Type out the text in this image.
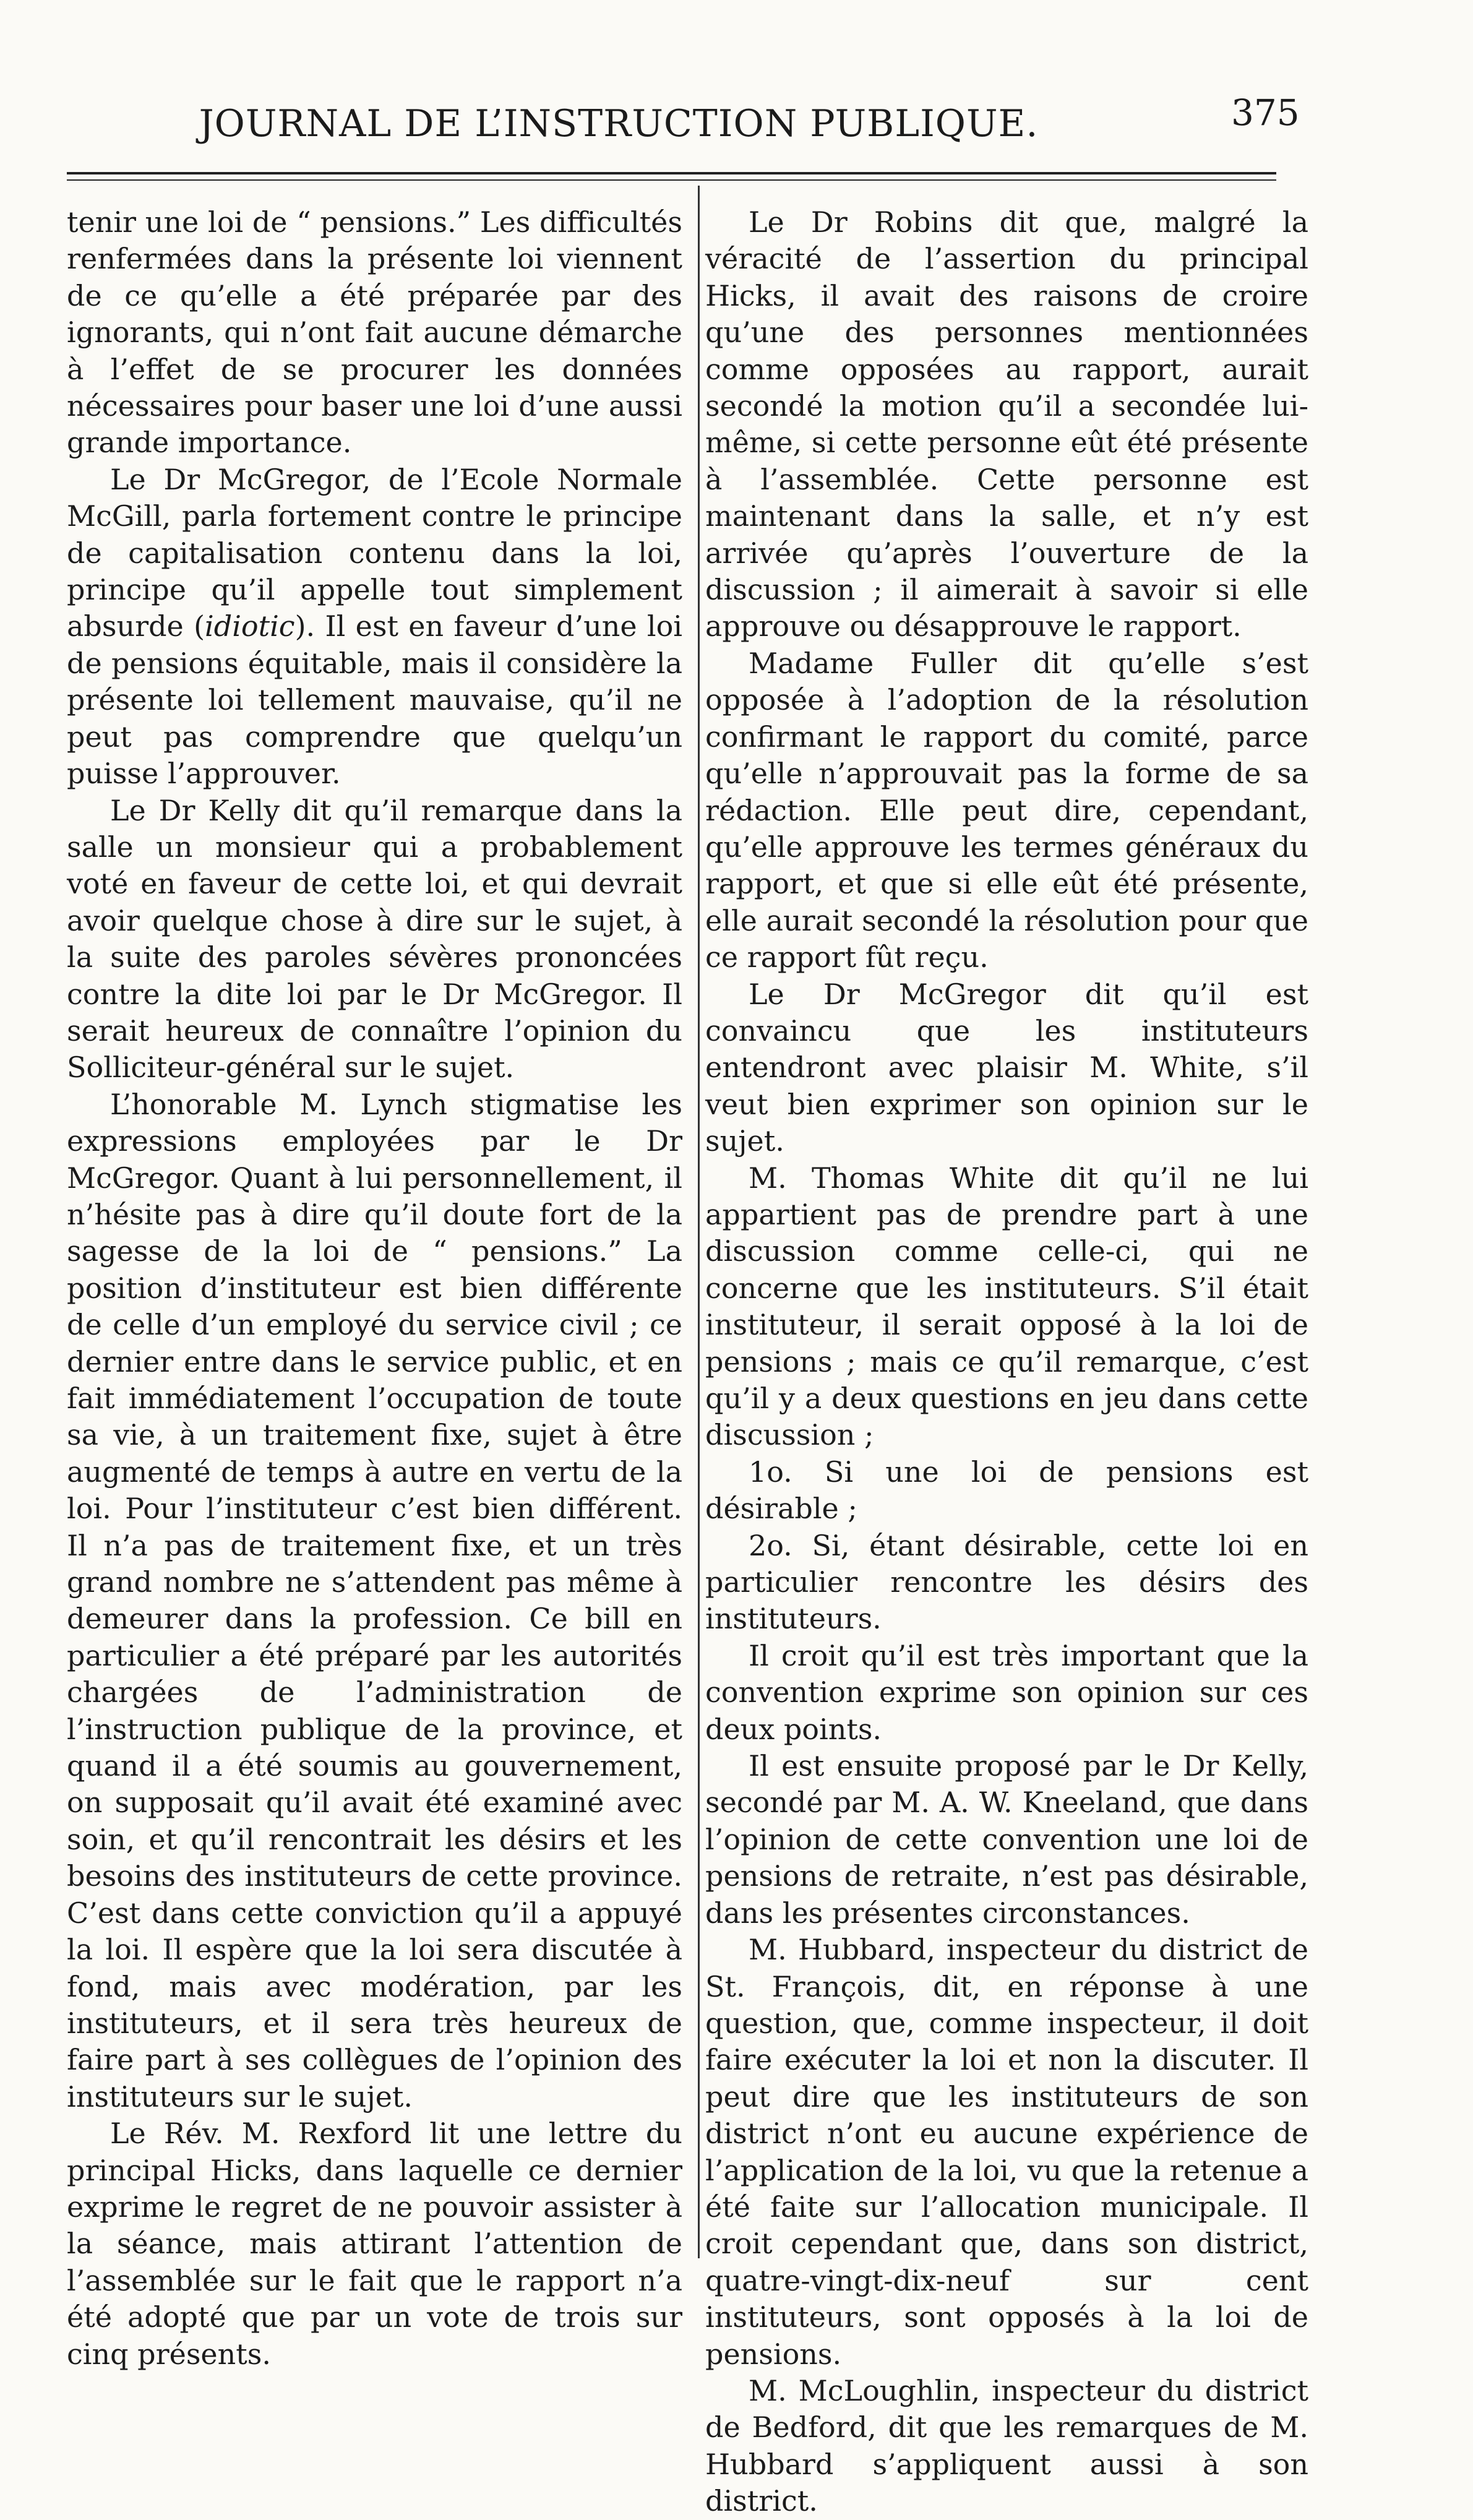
JOURNAL DE L’INSTRUCTION PUBLIQUE.	375

tenir une loi de “ pensions.” Les difficultés renfermées dans la présente loi viennent de ce qu’elle a été préparée par des ignorants, qui n’ont fait aucune démarche à l’effet de se procurer les données nécessaires pour baser une loi d’une aussi grande importance.

Le Dr McGregor, de l’Ecole Normale McGill, parla fortement contre le principe de capitalisation contenu dans la loi, principe qu’il appelle tout simplement absurde (idiotic). Il est en faveur d’une loi de pensions équitable, mais il considère la présente loi tellement mauvaise, qu’il ne peut pas comprendre que quelqu’un puisse l’approuver.

Le Dr Kelly dit qu’il remarque dans la salle un monsieur qui a probablement voté en faveur de cette loi, et qui devrait avoir quelque chose à dire sur le sujet, à la suite des paroles sévères prononcées contre la dite loi par le Dr McGregor. Il serait heureux de connaître l’opinion du Solliciteur-général sur le sujet.

L’honorable M. Lynch stigmatise les expressions employées par le Dr McGregor. Quant à lui personnellement, il n’hésite pas à dire qu’il doute fort de la sagesse de la loi de “ pensions.” La position d’instituteur est bien différente de celle d’un employé du service civil ; ce dernier entre dans le service public, et en fait immédiatement l’occupation de toute sa vie, à un traitement fixe, sujet à être augmenté de temps à autre en vertu de la loi. Pour l’instituteur c’est bien différent. Il n’a pas de traitement fixe, et un très grand nombre ne s’attendent pas même à demeurer dans la profession. Ce bill en particulier a été préparé par les autorités chargées de l’administration de l’instruction publique de la province, et quand il a été soumis au gouvernement, on supposait qu’il avait été examiné avec soin, et qu’il rencontrait les désirs et les besoins des instituteurs de cette province. C’est dans cette conviction qu’il a appuyé la loi. Il espère que la loi sera discutée à fond, mais avec modération, par les instituteurs, et il sera très heureux de faire part à ses collègues de l’opinion des instituteurs sur le sujet.

Le Rév. M. Rexford lit une lettre du principal Hicks, dans laquelle ce dernier exprime le regret de ne pouvoir assister à la séance, mais attirant l’attention de l’assemblée sur le fait que le rapport n’a été adopté que par un vote de trois sur cinq présents.

Le Dr Robins dit que, malgré la véracité de l’assertion du principal Hicks, il avait des raisons de croire qu’une des personnes mentionnées comme opposées au rapport, aurait secondé la motion qu’il a secondée lui-même, si cette personne eût été présente à l’assemblée. Cette personne est maintenant dans la salle, et n’y est arrivée qu’après l’ouverture de la discussion ; il aimerait à savoir si elle approuve ou désapprouve le rapport.

Madame Fuller dit qu’elle s’est opposée à l’adoption de la résolution confirmant le rapport du comité, parce qu’elle n’approuvait pas la forme de sa rédaction. Elle peut dire, cependant, qu’elle approuve les termes généraux du rapport, et que si elle eût été présente, elle aurait secondé la résolution pour que ce rapport fût reçu.

Le Dr McGregor dit qu’il est convaincu que les instituteurs entendront avec plaisir M. White, s’il veut bien exprimer son opinion sur le sujet.

M. Thomas White dit qu’il ne lui appartient pas de prendre part à une discussion comme celle-ci, qui ne concerne que les instituteurs. S’il était instituteur, il serait opposé à la loi de pensions ; mais ce qu’il remarque, c’est qu’il y a deux questions en jeu dans cette discussion ;

1o. Si une loi de pensions est désirable ;

2o. Si, étant désirable, cette loi en particulier rencontre les désirs des instituteurs.

Il croit qu’il est très important que la convention exprime son opinion sur ces deux points.

Il est ensuite proposé par le Dr Kelly, secondé par M. A. W. Kneeland, que dans l’opinion de cette convention une loi de pensions de retraite, n’est pas désirable, dans les présentes circonstances.

M. Hubbard, inspecteur du district de St. François, dit, en réponse à une question, que, comme inspecteur, il doit faire exécuter la loi et non la discuter. Il peut dire que les instituteurs de son district n’ont eu aucune expérience de l’application de la loi, vu que la retenue a été faite sur l’allocation municipale. Il croit cependant que, dans son district, quatre-vingt-dix-neuf sur cent instituteurs, sont opposés à la loi de pensions.

M. McLoughlin, inspecteur du district de Bedford, dit que les remarques de M. Hubbard s’appliquent aussi à son district.
